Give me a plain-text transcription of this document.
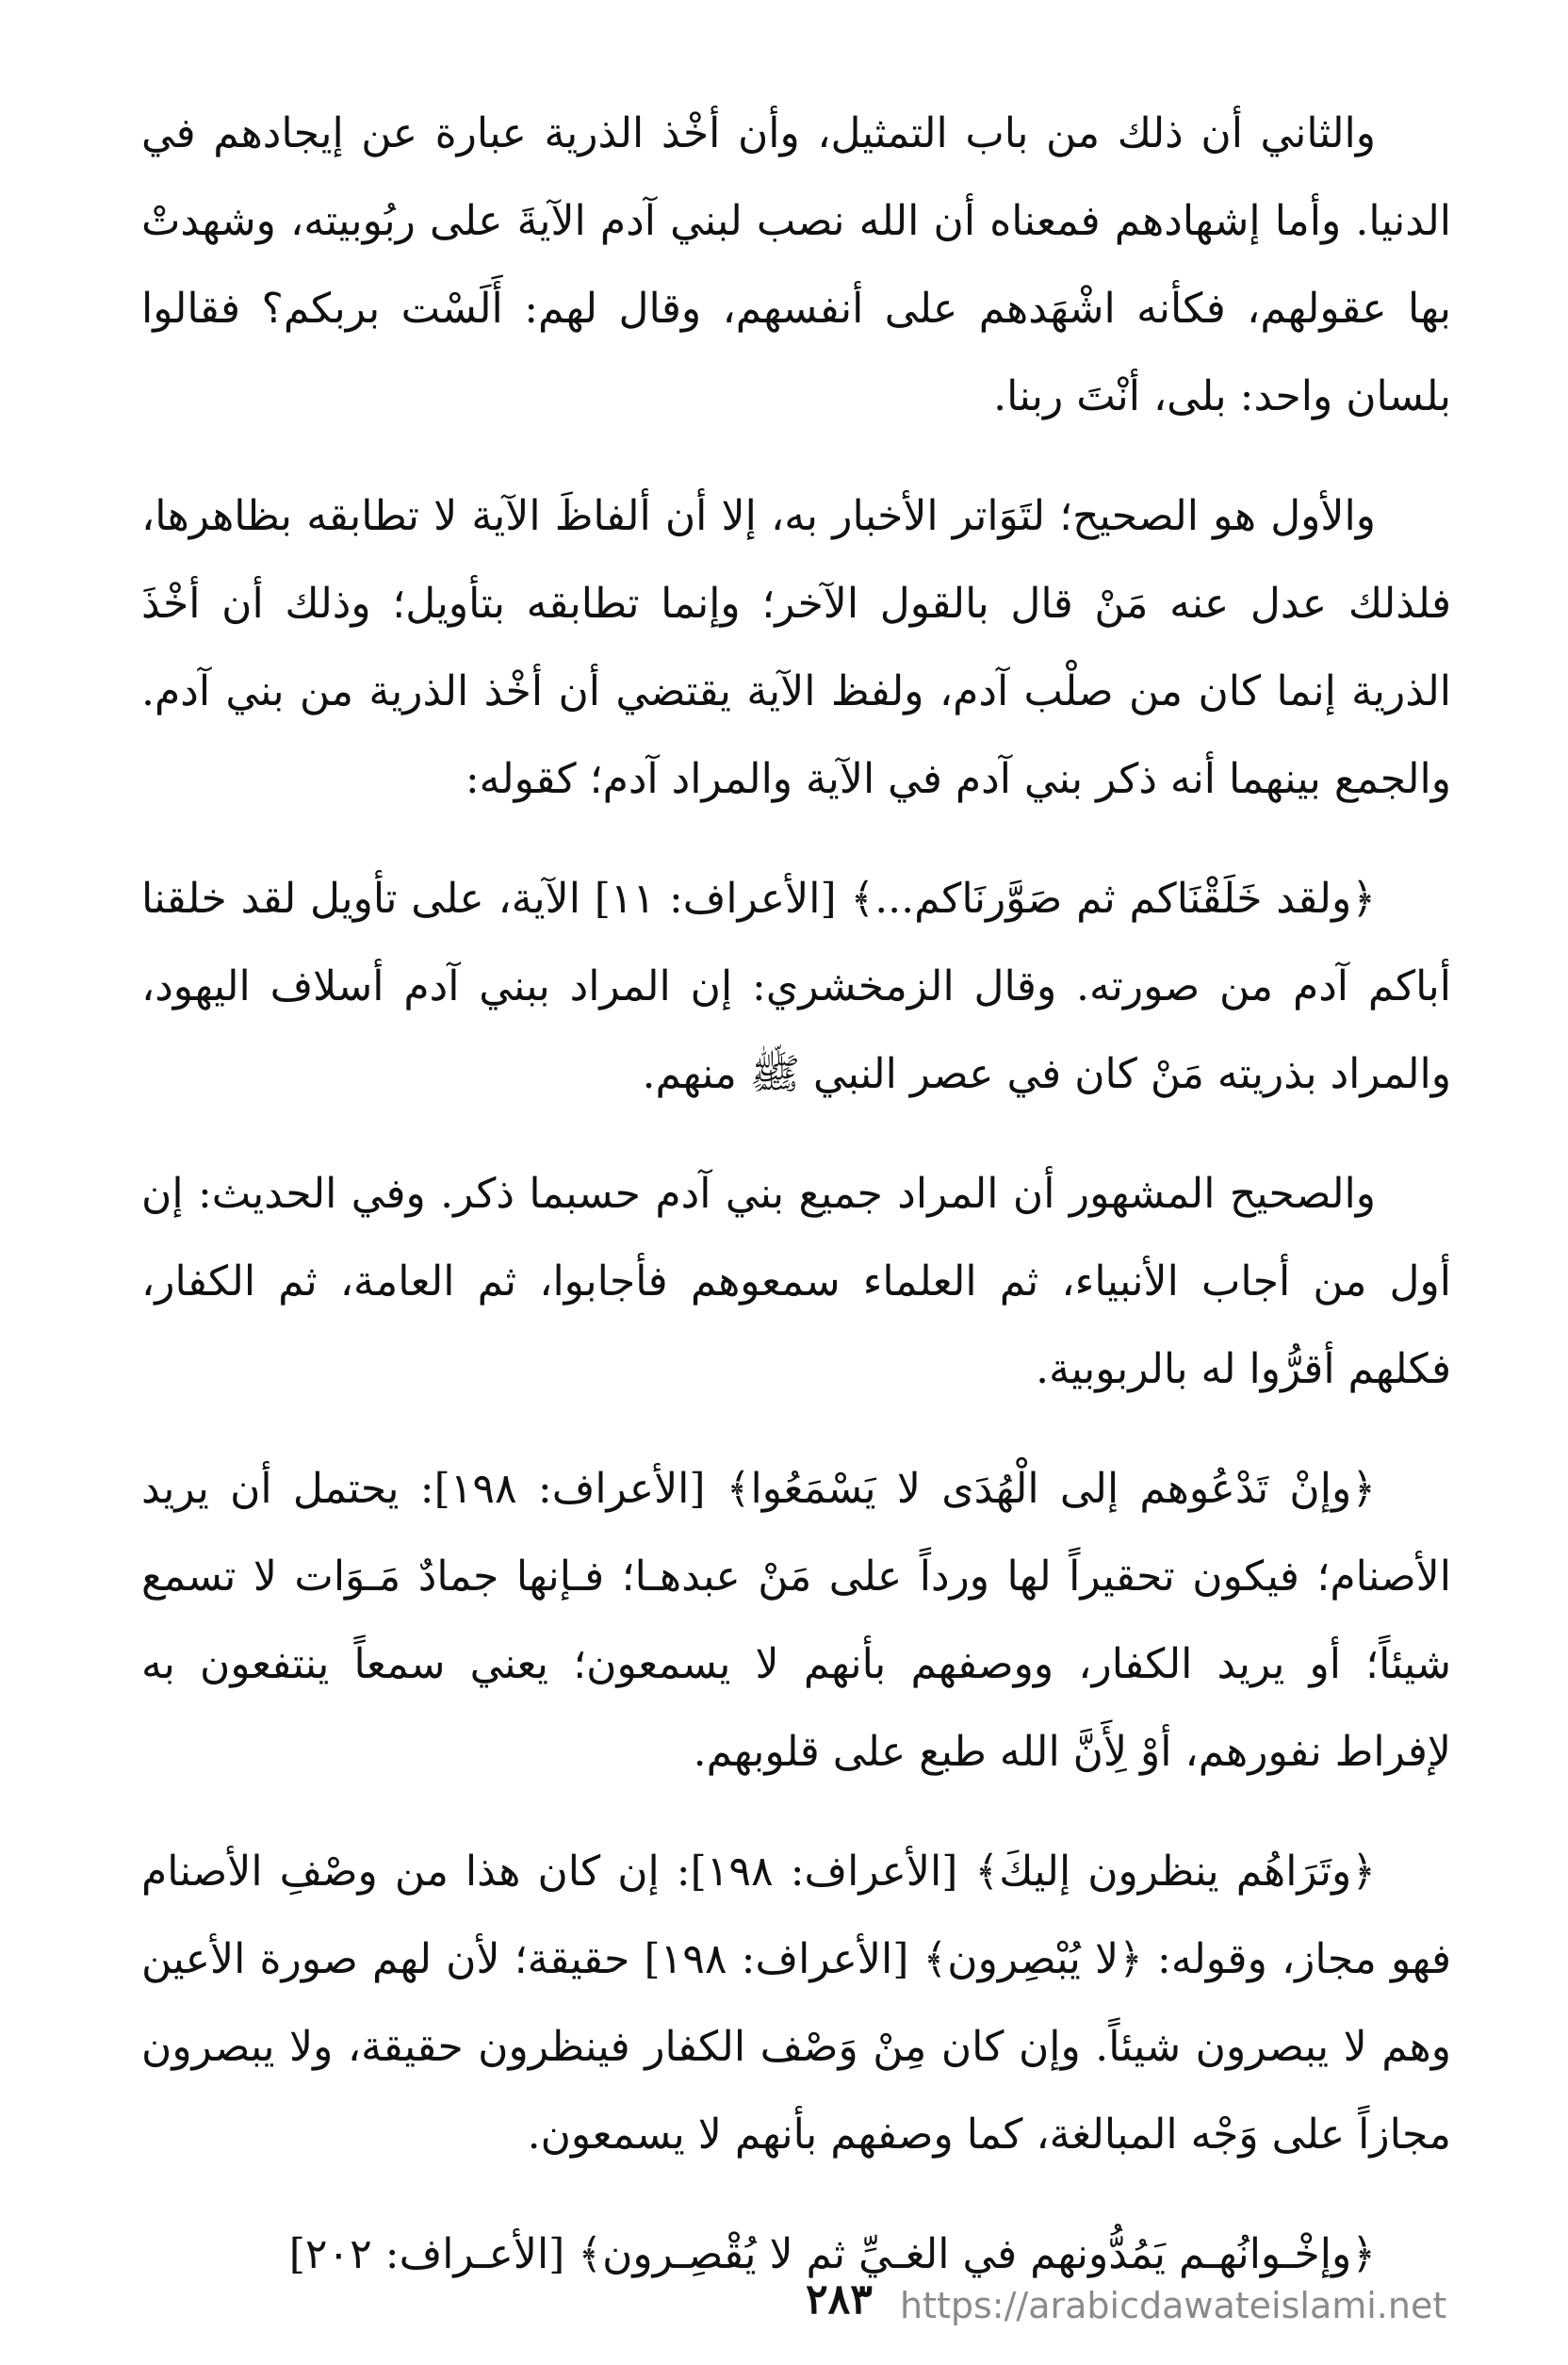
والثاني أن ذلك من باب التمثيل، وأن أخْذ الذرية عبارة عن إيجادهم في الدنيا. وأما إشهادهم فمعناه أن الله نصب لبني آدم الآيةَ على ربُوبيته، وشهدتْ بها عقولهم، فكأنه اشْهَدهم على أنفسهم، وقال لهم: أَلَسْت بربكم؟ فقالوا بلسان واحد: بلى، أنْتَ ربنا.

والأول هو الصحيح؛ لتَوَاتر الأخبار به، إلا أن ألفاظَ الآية لا تطابقه بظاهرها، فلذلك عدل عنه مَنْ قال بالقول الآخر؛ وإنما تطابقه بتأويل؛ وذلك أن أخْذَ الذرية إنما كان من صلْب آدم، ولفظ الآية يقتضي أن أخْذ الذرية من بني آدم. والجمع بينهما أنه ذكر بني آدم في الآية والمراد آدم؛ كقوله:

﴿ولقد خَلَقْنَاكم ثم صَوَّرنَاكم...﴾ [الأعراف: ١١] الآية، على تأويل لقد خلقنا أباكم آدم من صورته. وقال الزمخشري: إن المراد ببني آدم أسلاف اليهود، والمراد بذريته مَنْ كان في عصر النبي ﷺ منهم.

والصحيح المشهور أن المراد جميع بني آدم حسبما ذكر. وفي الحديث: إن أول من أجاب الأنبياء، ثم العلماء سمعوهم فأجابوا، ثم العامة، ثم الكفار، فكلهم أقرُّوا له بالربوبية.

﴿وإنْ تَدْعُوهم إلى الْهُدَى لا يَسْمَعُوا﴾ [الأعراف: ١٩٨]: يحتمل أن يريد الأصنام؛ فيكون تحقيراً لها ورداً على مَنْ عبدهـا؛ فـإنها جمادٌ مَـوَات لا تسمع شيئاً؛ أو يريد الكفار، ووصفهم بأنهم لا يسمعون؛ يعني سمعاً ينتفعون به لإفراط نفورهم، أوْ لِأَنَّ الله طبع على قلوبهم.

﴿وتَرَاهُم ينظرون إليكَ﴾ [الأعراف: ١٩٨]: إن كان هذا من وصْفِ الأصنام فهو مجاز، وقوله: ﴿لا يُبْصِرون﴾ [الأعراف: ١٩٨] حقيقة؛ لأن لهم صورة الأعين وهم لا يبصرون شيئاً. وإن كان مِنْ وَصْف الكفار فينظرون حقيقة، ولا يبصرون مجازاً على وَجْه المبالغة، كما وصفهم بأنهم لا يسمعون.

﴿وإخْـوانُهـم يَمُدُّونهم في الغـيِّ ثم لا يُقْصِـرون﴾ [الأعـراف: ٢٠٢]

٢٨٣ https://arabicdawateislami.net
